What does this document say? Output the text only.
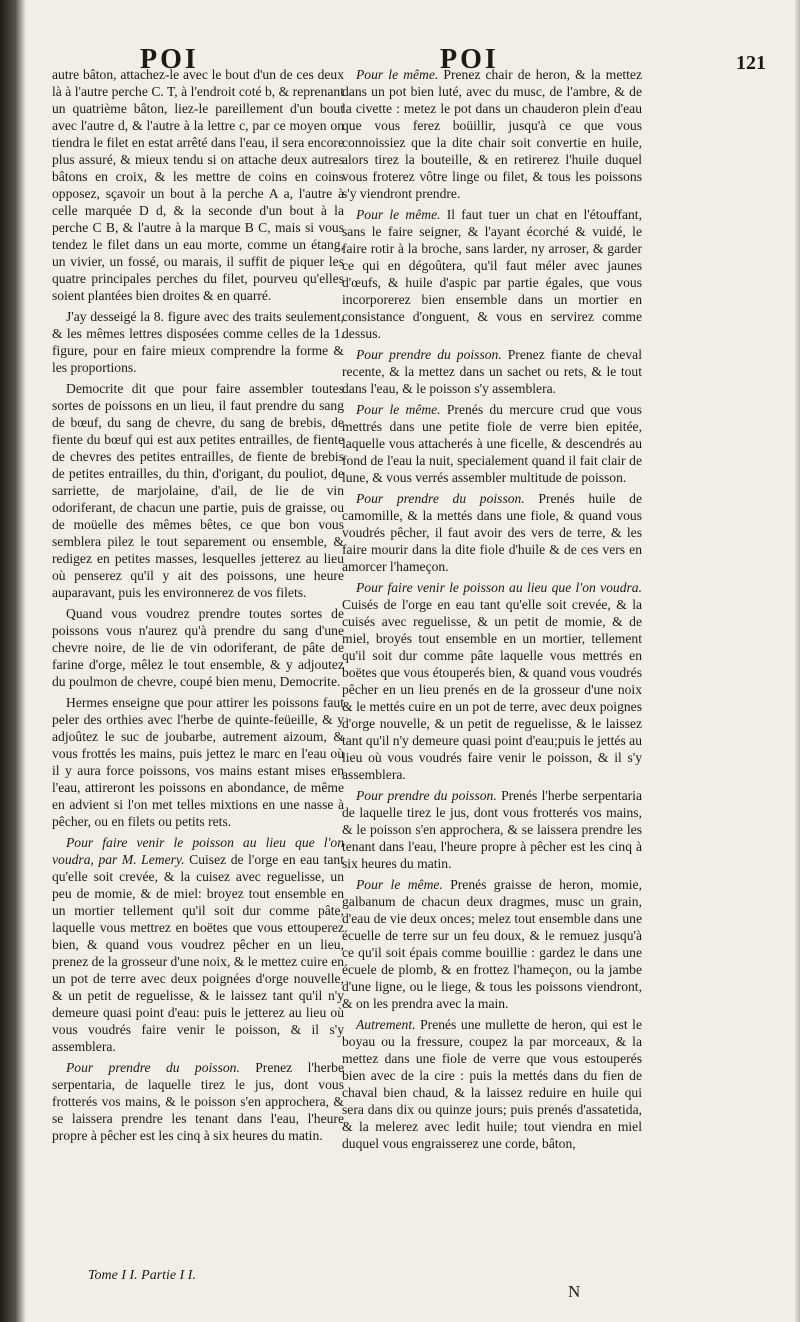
POI	POI	121

autre bâton, attachez-le avec le bout d'un de ces deux là à l'autre perche C. T, à l'endroit coté b, & reprenant un quatrième bâton, liez-le pareillement d'un bout avec l'autre d, & l'autre à la lettre c, par ce moyen on tiendra le filet en estat arrêté dans l'eau, il sera encore plus assuré, & mieux tendu si on attache deux autres bâtons en croix, & les mettre de coins en coins opposez, sçavoir un bout à la perche A a, l'autre à celle marquée D d, & la seconde d'un bout à la perche C B, & l'autre à la marque B C, mais si vous tendez le filet dans un eau morte, comme un étang, un vivier, un fossé, ou marais, il suffit de piquer les quatre principales perches du filet, pourveu qu'elles soient plantées bien droites & en quarré.

J'ay desseigé la 8. figure avec des traits seulement, & les mêmes lettres disposées comme celles de la 1. figure, pour en faire mieux comprendre la forme & les proportions.

Democrite dit que pour faire assembler toutes sortes de poissons en un lieu, il faut prendre du sang de bœuf, du sang de chevre, du sang de brebis, de fiente du bœuf qui est aux petites entrailles, de fiente de chevres des petites entrailles, de fiente de brebis de petites entrailles, du thin, d'origant, du pouliot, de sarriette, de marjolaine, d'ail, de lie de vin odoriferant, de chacun une partie, puis de graisse, ou de moüelle des mêmes bêtes, ce que bon vous semblera pilez le tout separement ou ensemble, & redigez en petites masses, lesquelles jetterez au lieu où penserez qu'il y ait des poissons, une heure auparavant, puis les environnerez de vos filets.

Quand vous voudrez prendre toutes sortes de poissons vous n'aurez qu'à prendre du sang d'une chevre noire, de lie de vin odoriferant, de pâte de farine d'orge, mêlez le tout ensemble, & y adjoutez du poulmon de chevre, coupé bien menu, Democrite.

Hermes enseigne que pour attirer les poissons faut peler des orthies avec l'herbe de quinte-feüeille, & y adjoûtez le suc de joubarbe, autrement aizoum, & vous frottés les mains, puis jettez le marc en l'eau où il y aura force poissons, vos mains estant mises en l'eau, attireront les poissons en abondance, de même en advient si l'on met telles mixtions en une nasse à pêcher, ou en filets ou petits rets.

Pour faire venir le poisson au lieu que l'on voudra, par M. Lemery. Cuisez de l'orge en eau tant qu'elle soit crevée, & la cuisez avec reguelisse, un peu de momie, & de miel: broyez tout ensemble en un mortier tellement qu'il soit dur comme pâte, laquelle vous mettrez en boëtes que vous ettouperez bien, & quand vous voudrez pêcher en un lieu, prenez de la grosseur d'une noix, & le mettez cuire en un pot de terre avec deux poignées d'orge nouvelle, & un petit de reguelisse, & le laissez tant qu'il n'y demeure quasi point d'eau: puis le jetterez au lieu où vous voudrés faire venir le poisson, & il s'y assemblera.

Pour prendre du poisson. Prenez l'herbe serpentaria, de laquelle tirez le jus, dont vous frotterés vos mains, & le poisson s'en approchera, & se laissera prendre les tenant dans l'eau, l'heure propre à pêcher est les cinq à six heures du matin.

Pour le même. Prenez chair de heron, & la mettez dans un pot bien luté, avec du musc, de l'ambre, & de la civette : metez le pot dans un chauderon plein d'eau que vous ferez boüillir, jusqu'à ce que vous connoissiez que la dite chair soit convertie en huile, alors tirez la bouteille, & en retirerez l'huile duquel vous froterez vôtre linge ou filet, & tous les poissons s'y viendront prendre.

Pour le même. Il faut tuer un chat en l'étouffant, sans le faire seigner, & l'ayant écorché & vuidé, le faire rotir à la broche, sans larder, ny arroser, & garder ce qui en dégoûtera, qu'il faut méler avec jaunes d'œufs, & huile d'aspic par partie égales, que vous incorporerez bien ensemble dans un mortier en consistance d'onguent, & vous en servirez comme dessus.

Pour prendre du poisson. Prenez fiante de cheval recente, & la mettez dans un sachet ou rets, & le tout dans l'eau, & le poisson s'y assemblera.

Pour le même. Prenés du mercure crud que vous mettrés dans une petite fiole de verre bien epitée, laquelle vous attacherés à une ficelle, & descendrés au fond de l'eau la nuit, specialement quand il fait clair de lune, & vous verrés assembler multitude de poisson.

Pour prendre du poisson. Prenés huile de camomille, & la mettés dans une fiole, & quand vous voudrés pêcher, il faut avoir des vers de terre, & les faire mourir dans la dite fiole d'huile & de ces vers en amorcer l'hameçon.

Pour faire venir le poisson au lieu que l'on voudra. Cuisés de l'orge en eau tant qu'elle soit crevée, & la cuisés avec reguelisse, & un petit de momie, & de miel, broyés tout ensemble en un mortier, tellement qu'il soit dur comme pâte laquelle vous mettrés en boëtes que vous étouperés bien, & quand vous voudrés pêcher en un lieu prenés en de la grosseur d'une noix & le mettés cuire en un pot de terre, avec deux poignes d'orge nouvelle, & un petit de reguelisse, & le laissez tant qu'il n'y demeure quasi point d'eau;puis le jettés au lieu où vous voudrés faire venir le poisson, & il s'y assemblera.

Pour prendre du poisson. Prenés l'herbe serpentaria de laquelle tirez le jus, dont vous frotterés vos mains, & le poisson s'en approchera, & se laissera prendre les tenant dans l'eau, l'heure propre à pêcher est les cinq à six heures du matin.

Pour le même. Prenés graisse de heron, momie, galbanum de chacun deux dragmes, musc un grain, d'eau de vie deux onces; melez tout ensemble dans une écuelle de terre sur un feu doux, & le remuez jusqu'à ce qu'il soit épais comme bouillie : gardez le dans une écuele de plomb, & en frottez l'hameçon, ou la jambe d'une ligne, ou le liege, & tous les poissons viendront, & on les prendra avec la main.

Autrement. Prenés une mullette de heron, qui est le boyau ou la fressure, coupez la par morceaux, & la mettez dans une fiole de verre que vous estouperés bien avec de la cire : puis la mettés dans du fien de chaval bien chaud, & la laissez reduire en huile qui sera dans dix ou quinze jours; puis prenés d'assatetida, & la melerez avec ledit huile; tout viendra en miel duquel vous engraisserez une corde, bâton,

Tome I I. Partie I I.
N
